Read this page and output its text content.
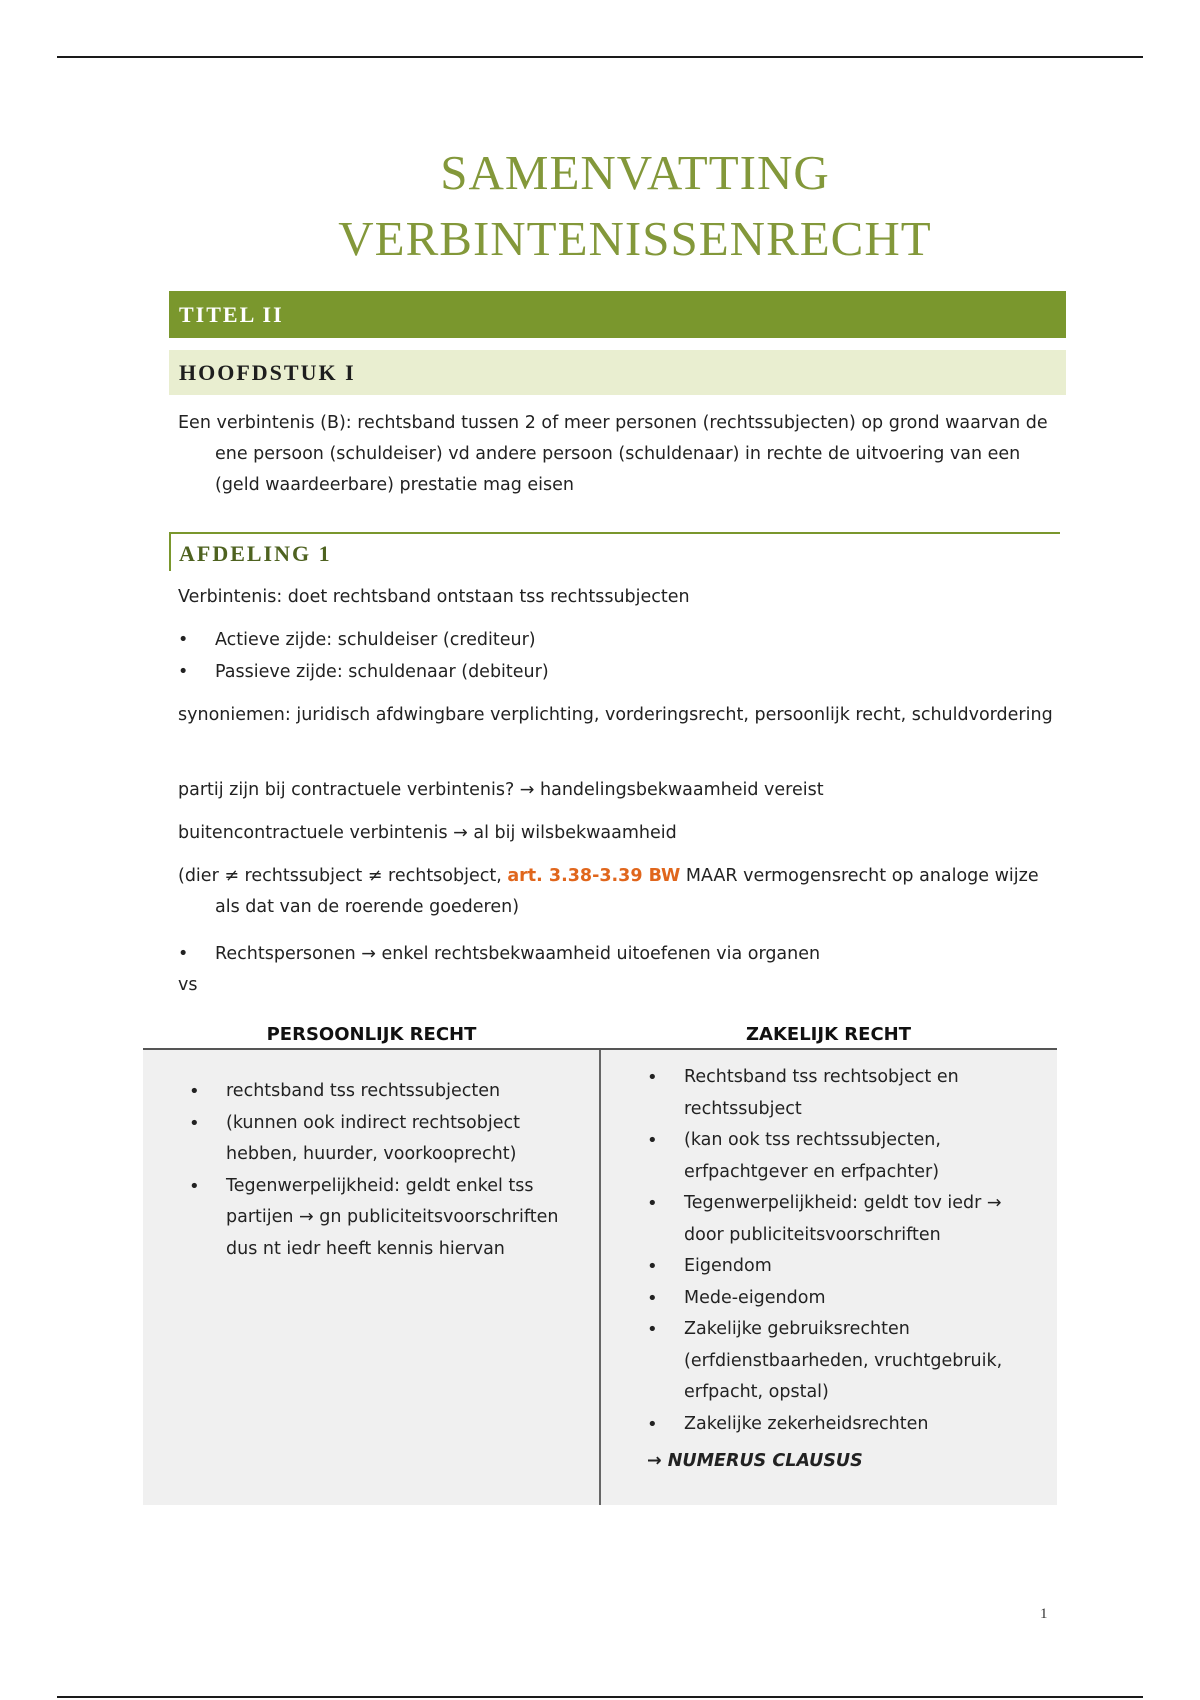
SAMENVATTING
VERBINTENISSENRECHT
TITEL II
HOOFDSTUK I
Een verbintenis (B): rechtsband tussen 2 of meer personen (rechtssubjecten) op grond waarvan de ene persoon (schuldeiser) vd andere persoon (schuldenaar) in rechte de uitvoering van een (geld waardeerbare) prestatie mag eisen
AFDELING 1
Verbintenis: doet rechtsband ontstaan tss rechtssubjecten
• Actieve zijde: schuldeiser (crediteur)
• Passieve zijde: schuldenaar (debiteur)
synoniemen: juridisch afdwingbare verplichting, vorderingsrecht, persoonlijk recht, schuldvordering
partij zijn bij contractuele verbintenis? → handelingsbekwaamheid vereist
buitencontractuele verbintenis → al bij wilsbekwaamheid
(dier ≠ rechtssubject ≠ rechtsobject, art. 3.38-3.39 BW MAAR vermogensrecht op analoge wijze als dat van de roerende goederen)
• Rechtspersonen → enkel rechtsbekwaamheid uitoefenen via organen
vs
PERSOONLIJK RECHT	ZAKELIJK RECHT
• rechtsband tss rechtssubjecten
• (kunnen ook indirect rechtsobject hebben, huurder, voorkooprecht)
• Tegenwerpelijkheid: geldt enkel tss partijen → gn publiciteitsvoorschriften dus nt iedr heeft kennis hiervan
• Rechtsband tss rechtsobject en rechtssubject
• (kan ook tss rechtssubjecten, erfpachtgever en erfpachter)
• Tegenwerpelijkheid: geldt tov iedr → door publiciteitsvoorschriften
• Eigendom
• Mede-eigendom
• Zakelijke gebruiksrechten (erfdienstbaarheden, vruchtgebruik, erfpacht, opstal)
• Zakelijke zekerheidsrechten
→ NUMERUS CLAUSUS
1
